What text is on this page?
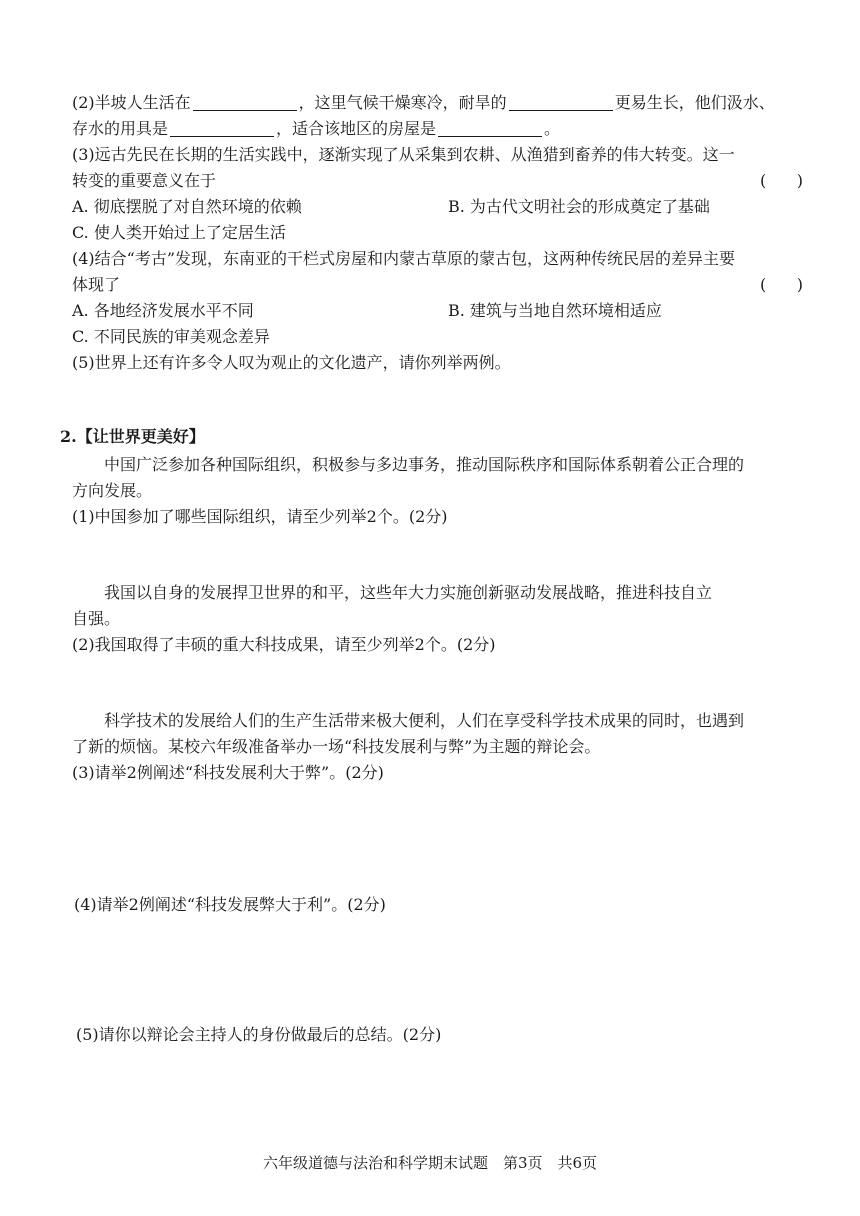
(2)半坡人生活在	，这里气候干燥寒冷，耐旱的	更易生长，他们汲水、
存水的用具是	，适合该地区的房屋是	。
(3)远古先民在长期的生活实践中，逐渐实现了从采集到农耕、从渔猎到畜养的伟大转变。这一
转变的重要意义在于	(      )
A. 彻底摆脱了对自然环境的依赖	B. 为古代文明社会的形成奠定了基础
C. 使人类开始过上了定居生活
(4)结合“考古”发现，东南亚的干栏式房屋和内蒙古草原的蒙古包，这两种传统民居的差异主要
体现了	(      )
A. 各地经济发展水平不同	B. 建筑与当地自然环境相适应
C. 不同民族的审美观念差异
(5)世界上还有许多令人叹为观止的文化遗产，请你列举两例。
2.【让世界更美好】
中国广泛参加各种国际组织，积极参与多边事务，推动国际秩序和国际体系朝着公正合理的
方向发展。
(1)中国参加了哪些国际组织，请至少列举2个。(2分)
我国以自身的发展捍卫世界的和平，这些年大力实施创新驱动发展战略，推进科技自立
自强。
(2)我国取得了丰硕的重大科技成果，请至少列举2个。(2分)
科学技术的发展给人们的生产生活带来极大便利，人们在享受科学技术成果的同时，也遇到
了新的烦恼。某校六年级准备举办一场“科技发展利与弊”为主题的辩论会。
(3)请举2例阐述“科技发展利大于弊”。(2分)
(4)请举2例阐述“科技发展弊大于利”。(2分)
(5)请你以辩论会主持人的身份做最后的总结。(2分)
六年级道德与法治和科学期末试题　第3页　共6页
